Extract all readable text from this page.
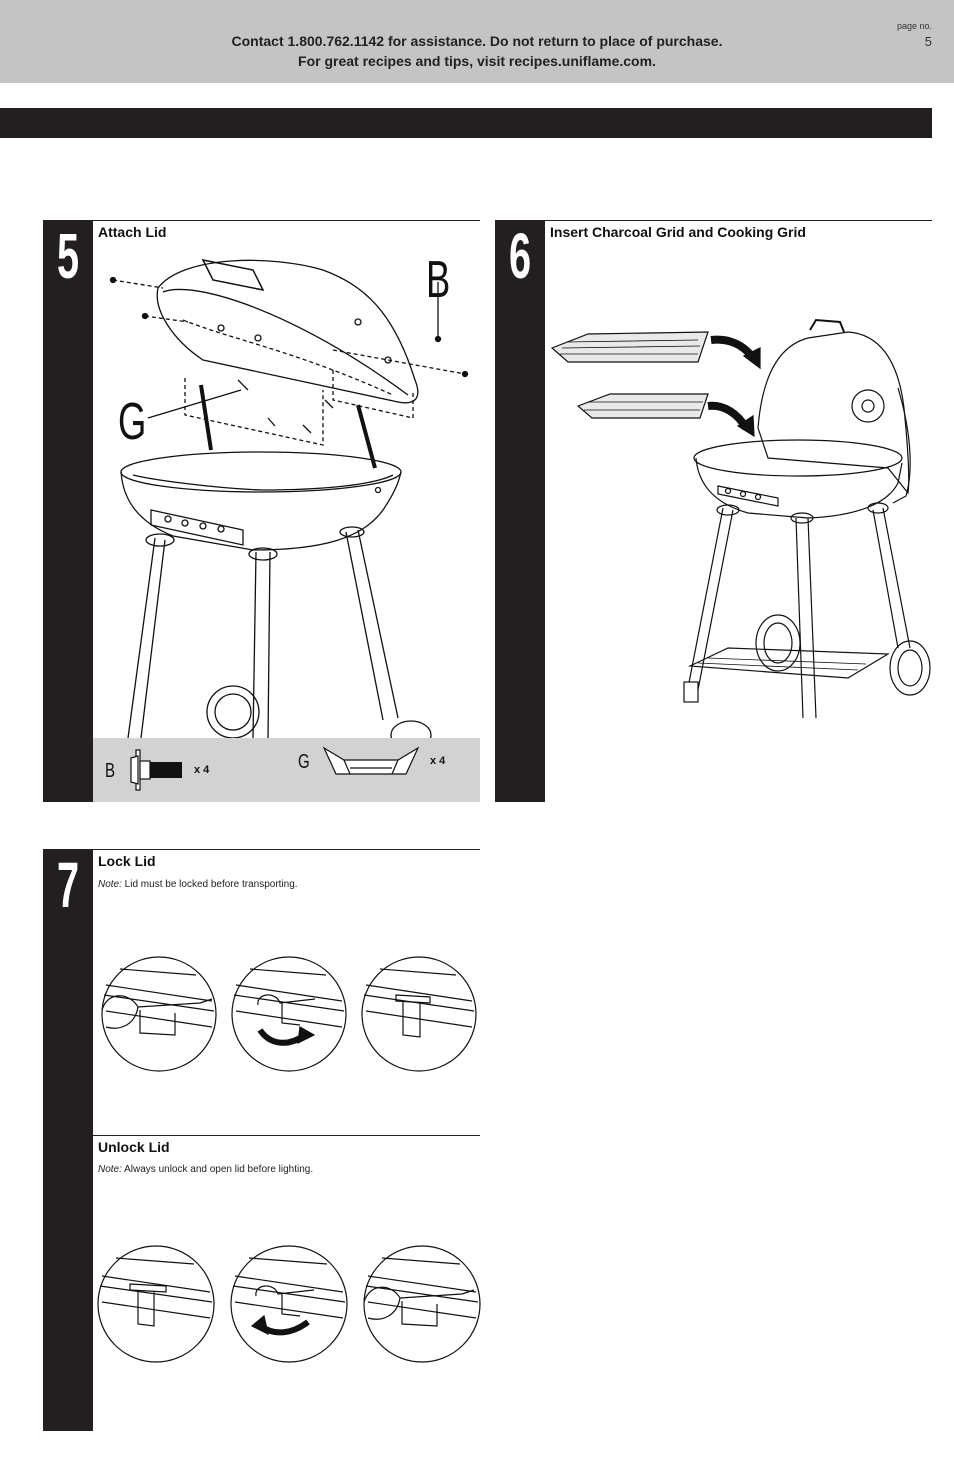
Contact 1.800.762.1142 for assistance. Do not return to place of purchase.
For great recipes and tips, visit recipes.uniflame.com.
page no.
5
5	Attach Lid
B
G
B	x 4	G	x 4
6	Insert Charcoal Grid and Cooking Grid
7	Lock Lid
Note: Lid must be locked before transporting.
Unlock Lid
Note: Always unlock and open lid before lighting.
